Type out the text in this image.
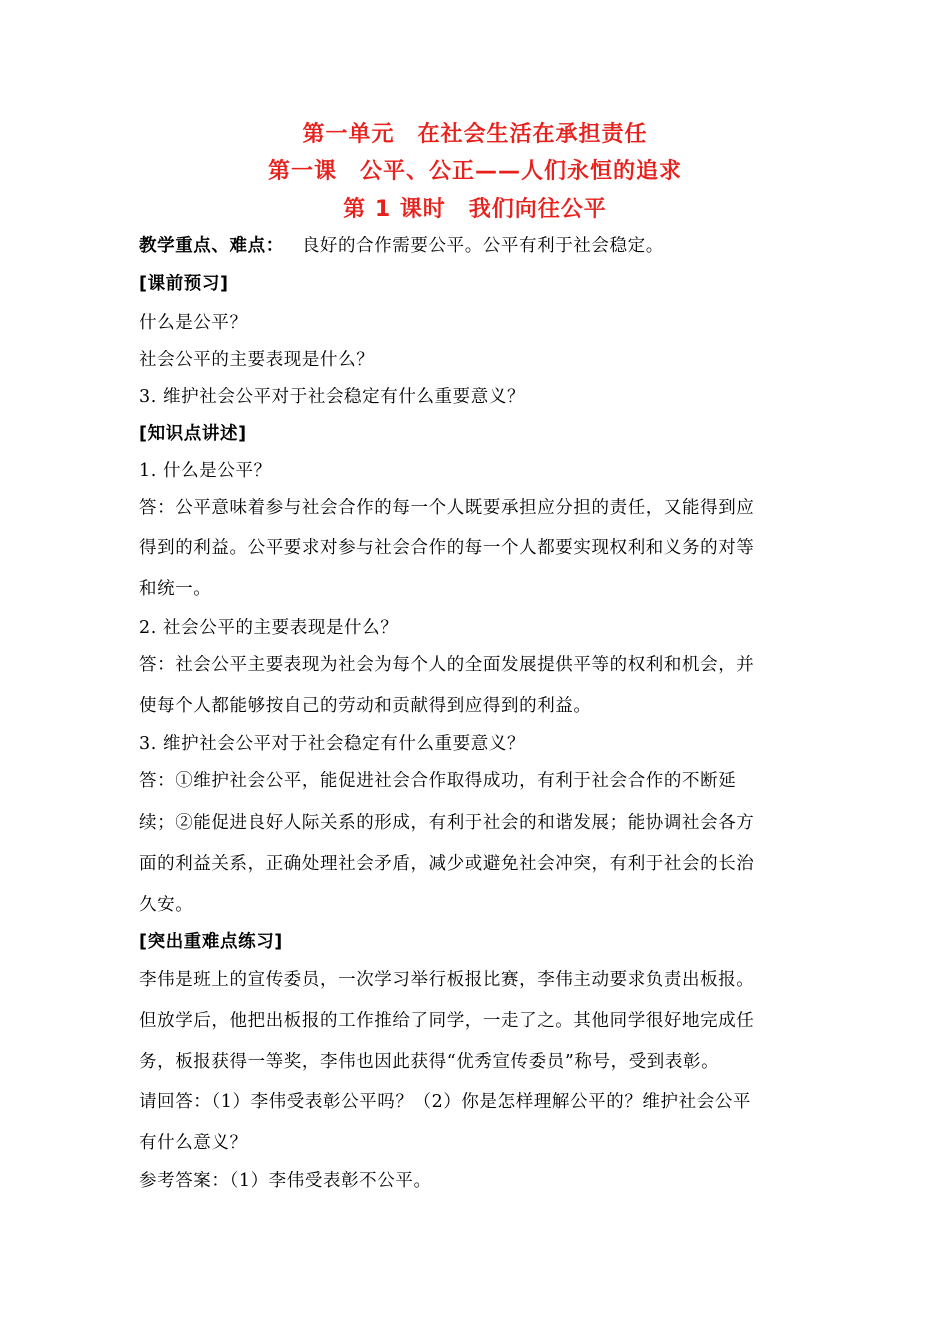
第一单元　在社会生活在承担责任
第一课　公平、公正——人们永恒的追求
第 1 课时　我们向往公平
教学重点、难点： 良好的合作需要公平。公平有利于社会稳定。
[课前预习]
什么是公平？
社会公平的主要表现是什么？
3. 维护社会公平对于社会稳定有什么重要意义？
[知识点讲述]
1. 什么是公平？
答：公平意味着参与社会合作的每一个人既要承担应分担的责任，又能得到应
得到的利益。公平要求对参与社会合作的每一个人都要实现权利和义务的对等
和统一。
2. 社会公平的主要表现是什么？
答：社会公平主要表现为社会为每个人的全面发展提供平等的权利和机会，并
使每个人都能够按自己的劳动和贡献得到应得到的利益。
3. 维护社会公平对于社会稳定有什么重要意义？
答：①维护社会公平，能促进社会合作取得成功，有利于社会合作的不断延
续；②能促进良好人际关系的形成，有利于社会的和谐发展；能协调社会各方
面的利益关系，正确处理社会矛盾，减少或避免社会冲突，有利于社会的长治
久安。
[突出重难点练习]
李伟是班上的宣传委员，一次学习举行板报比赛，李伟主动要求负责出板报。
但放学后，他把出板报的工作推给了同学，一走了之。其他同学很好地完成任
务，板报获得一等奖，李伟也因此获得“优秀宣传委员”称号，受到表彰。
请回答：（1）李伟受表彰公平吗？（2）你是怎样理解公平的？维护社会公平
有什么意义？
参考答案：（1）李伟受表彰不公平。
